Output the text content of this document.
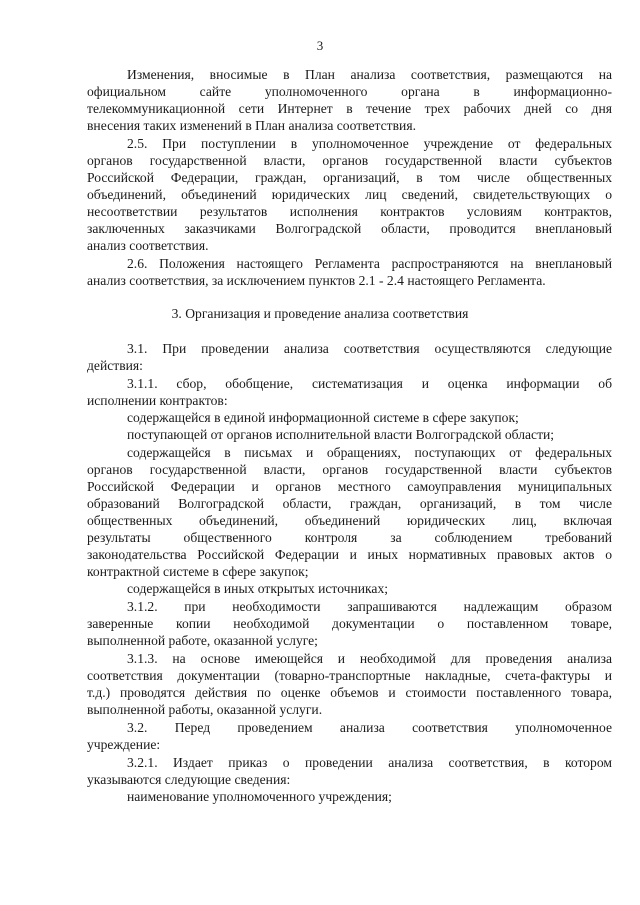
3
Изменения, вносимые в План анализа соответствия, размещаются на
официальном сайте уполномоченного органа в информационно-
телекоммуникационной сети Интернет в течение трех рабочих дней со дня
внесения таких изменений в План анализа соответствия.
2.5. При поступлении в уполномоченное учреждение от федеральных
органов государственной власти, органов государственной власти субъектов
Российской Федерации, граждан, организаций, в том числе общественных
объединений, объединений юридических лиц сведений, свидетельствующих о
несоответствии результатов исполнения контрактов условиям контрактов,
заключенных заказчиками Волгоградской области, проводится внеплановый
анализ соответствия.
2.6. Положения настоящего Регламента распространяются на внеплановый
анализ соответствия, за исключением пунктов 2.1 - 2.4 настоящего Регламента.
3. Организация и проведение анализа соответствия
3.1. При проведении анализа соответствия осуществляются следующие
действия:
3.1.1. сбор, обобщение, систематизация и оценка информации об
исполнении контрактов:
содержащейся в единой информационной системе в сфере закупок;
поступающей от органов исполнительной власти Волгоградской области;
содержащейся в письмах и обращениях, поступающих от федеральных
органов государственной власти, органов государственной власти субъектов
Российской Федерации и органов местного самоуправления муниципальных
образований Волгоградской области, граждан, организаций, в том числе
общественных объединений, объединений юридических лиц, включая
результаты общественного контроля за соблюдением требований
законодательства Российской Федерации и иных нормативных правовых актов о
контрактной системе в сфере закупок;
содержащейся в иных открытых источниках;
3.1.2. при необходимости запрашиваются надлежащим образом
заверенные копии необходимой документации о поставленном товаре,
выполненной работе, оказанной услуге;
3.1.3. на основе имеющейся и необходимой для проведения анализа
соответствия документации (товарно-транспортные накладные, счета-фактуры и
т.д.) проводятся действия по оценке объемов и стоимости поставленного товара,
выполненной работы, оказанной услуги.
3.2. Перед проведением анализа соответствия уполномоченное
учреждение:
3.2.1. Издает приказ о проведении анализа соответствия, в котором
указываются следующие сведения:
наименование уполномоченного учреждения;
